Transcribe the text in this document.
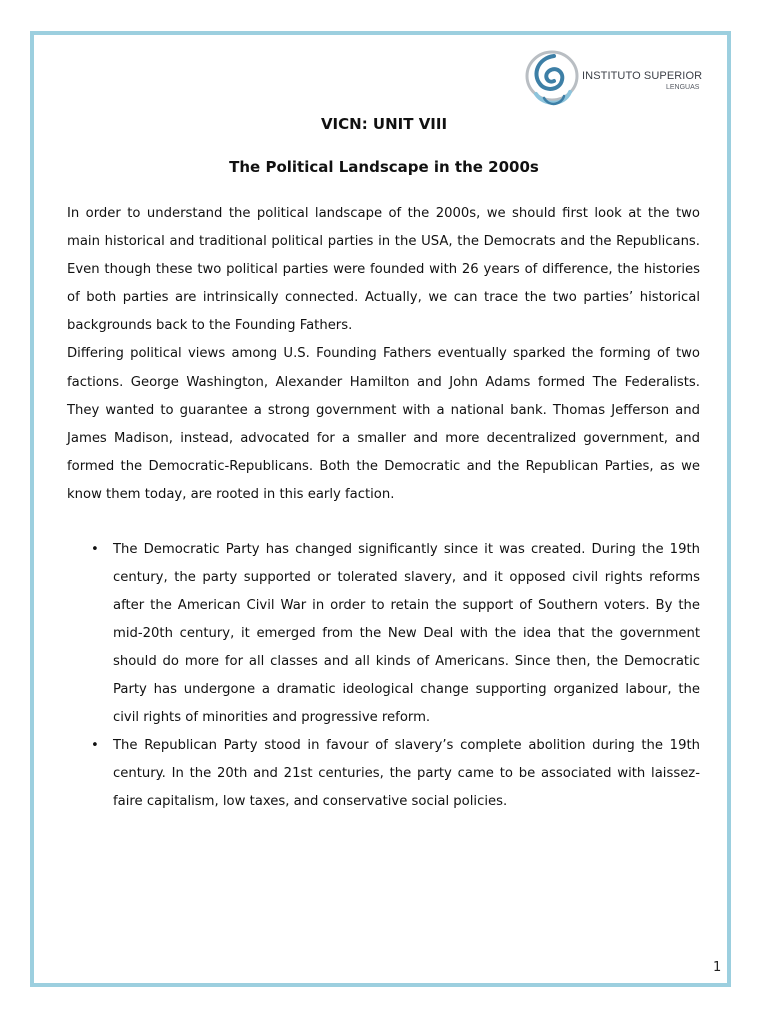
INSTITUTO SUPERIOR
LENGUAS
VICN: UNIT VIII
The Political Landscape in the 2000s

In order to understand the political landscape of the 2000s, we should first look at the two main historical and traditional political parties in the USA, the Democrats and the Republicans. Even though these two political parties were founded with 26 years of difference, the histories of both parties are intrinsically connected. Actually, we can trace the two parties’ historical backgrounds back to the Founding Fathers.

Differing political views among U.S. Founding Fathers eventually sparked the forming of two factions. George Washington, Alexander Hamilton and John Adams formed The Federalists. They wanted to guarantee a strong government with a national bank. Thomas Jefferson and James Madison, instead, advocated for a smaller and more decentralized government, and formed the Democratic-Republicans. Both the Democratic and the Republican Parties, as we know them today, are rooted in this early faction.

• The Democratic Party has changed significantly since it was created. During the 19th century, the party supported or tolerated slavery, and it opposed civil rights reforms after the American Civil War in order to retain the support of Southern voters. By the mid-20th century, it emerged from the New Deal with the idea that the government should do more for all classes and all kinds of Americans. Since then, the Democratic Party has undergone a dramatic ideological change supporting organized labour, the civil rights of minorities and progressive reform.
• The Republican Party stood in favour of slavery’s complete abolition during the 19th century. In the 20th and 21st centuries, the party came to be associated with laissez-faire capitalism, low taxes, and conservative social policies.
1
